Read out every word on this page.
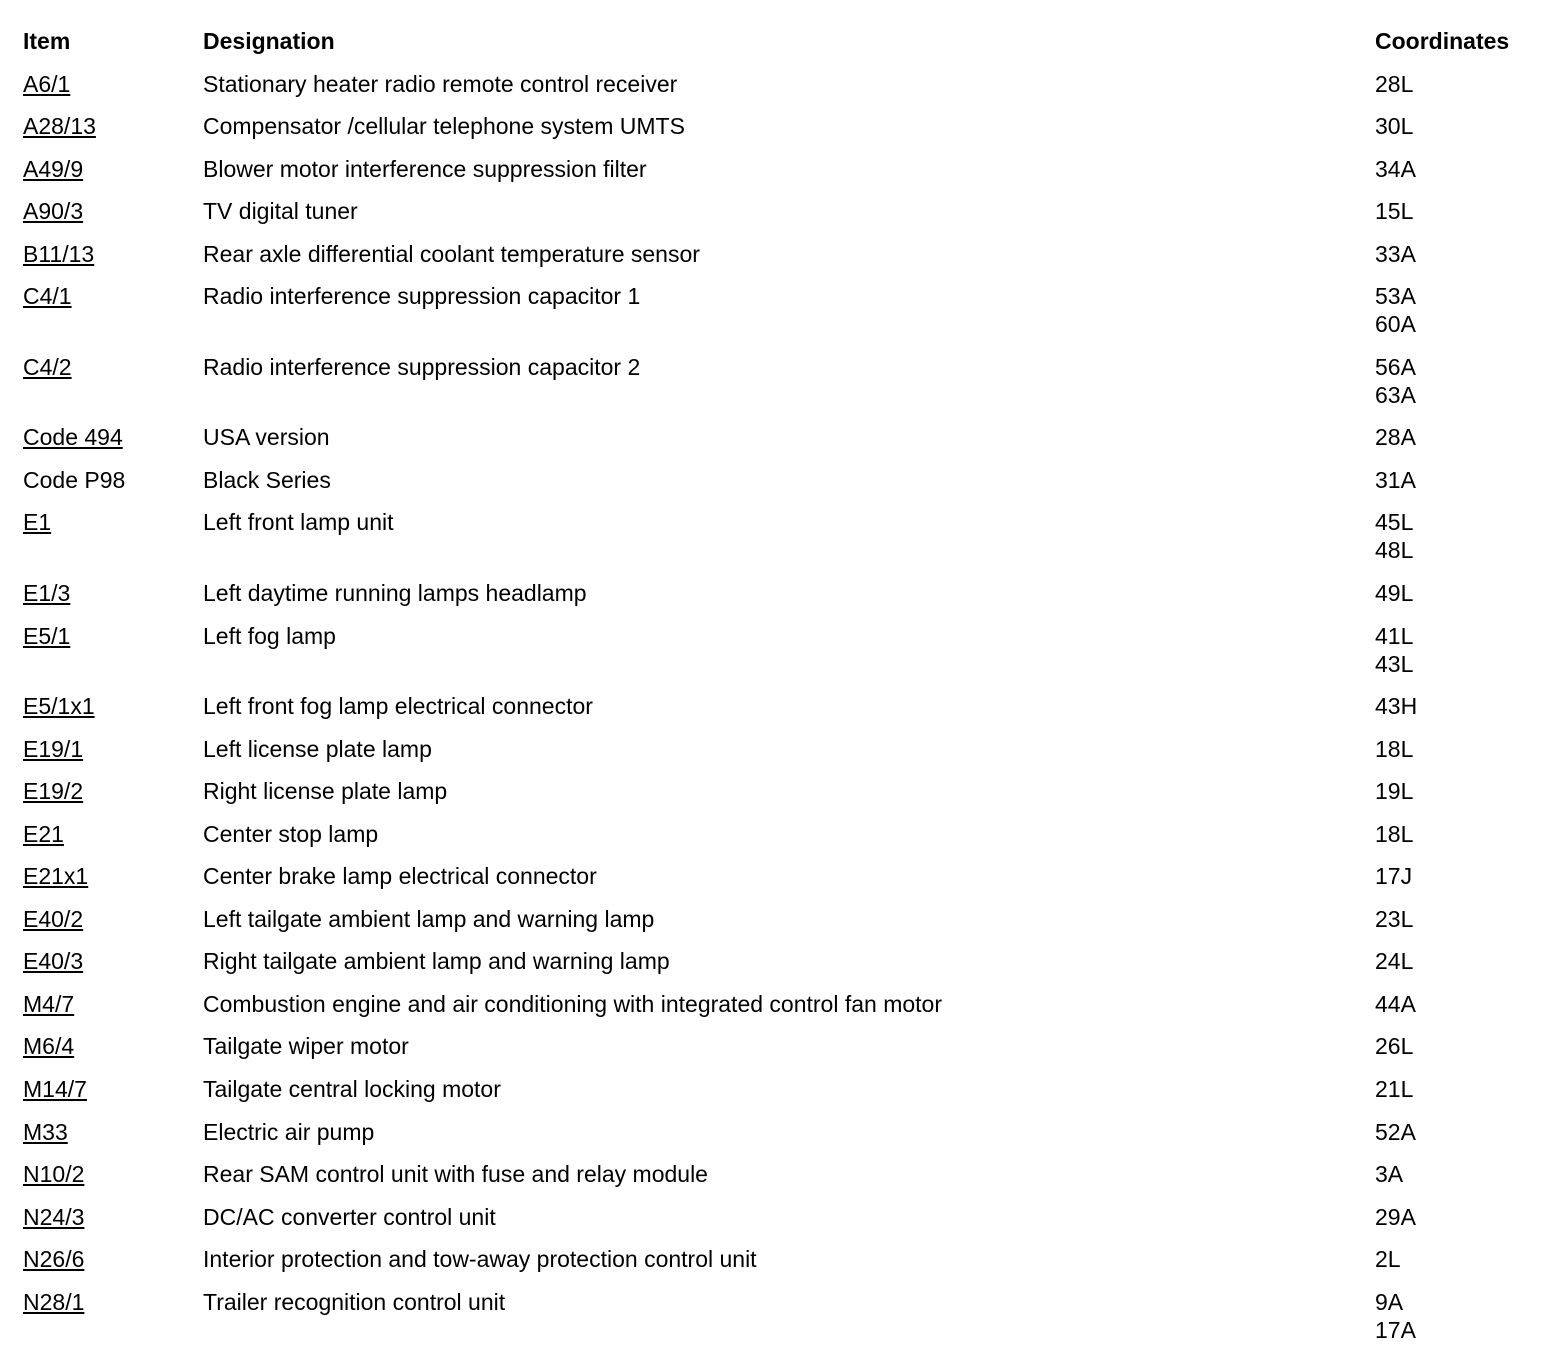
Item	Designation	Coordinates
A6/1	Stationary heater radio remote control receiver	28L

A28/13	Compensator /cellular telephone system UMTS	30L

A49/9	Blower motor interference suppression filter	34A

A90/3	TV digital tuner	15L

B11/13	Rear axle differential coolant temperature sensor	33A

C4/1	Radio interference suppression capacitor 1	53A
60A

C4/2	Radio interference suppression capacitor 2	56A
63A

Code 494	USA version	28A

Code P98	Black Series	31A

E1	Left front lamp unit	45L
48L

E1/3	Left daytime running lamps headlamp	49L

E5/1	Left fog lamp	41L
43L

E5/1x1	Left front fog lamp electrical connector	43H

E19/1	Left license plate lamp	18L

E19/2	Right license plate lamp	19L

E21	Center stop lamp	18L

E21x1	Center brake lamp electrical connector	17J

E40/2	Left tailgate ambient lamp and warning lamp	23L

E40/3	Right tailgate ambient lamp and warning lamp	24L

M4/7	Combustion engine and air conditioning with integrated control fan motor	44A

M6/4	Tailgate wiper motor	26L

M14/7	Tailgate central locking motor	21L

M33	Electric air pump	52A

N10/2	Rear SAM control unit with fuse and relay module	3A

N24/3	DC/AC converter control unit	29A

N26/6	Interior protection and tow-away protection control unit	2L

N28/1	Trailer recognition control unit	9A
17A
